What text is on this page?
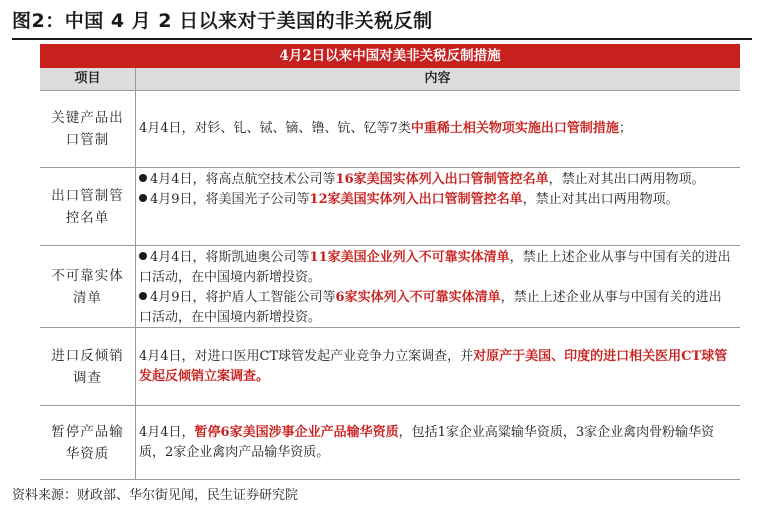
图2：中国 4 月 2 日以来对于美国的非关税反制
4月2日以来中国对美非关税反制措施
项目	内容
关键产品出口管制

4月4日，对钐、钆、铽、镝、镥、钪、钇等7类中重稀土相关物项实施出口管制措施；

出口管制管控名单

4月4日，将高点航空技术公司等16家美国实体列入出口管制管控名单，禁止对其出口两用物项。

4月9日，将美国光子公司等12家美国实体列入出口管制管控名单，禁止对其出口两用物项。

不可靠实体清单

4月4日，将斯凯迪奥公司等11家美国企业列入不可靠实体清单，禁止上述企业从事与中国有关的进出口活动，在中国境内新增投资。

4月9日，将护盾人工智能公司等6家实体列入不可靠实体清单，禁止上述企业从事与中国有关的进出口活动，在中国境内新增投资。

进口反倾销调查

4月4日，对进口医用CT球管发起产业竞争力立案调查，并对原产于美国、印度的进口相关医用CT球管发起反倾销立案调查。

暂停产品输华资质

4月4日，暂停6家美国涉事企业产品输华资质，包括1家企业高粱输华资质，3家企业禽肉骨粉输华资质，2家企业禽肉产品输华资质。

资料来源：财政部、华尔街见闻，民生证券研究院
